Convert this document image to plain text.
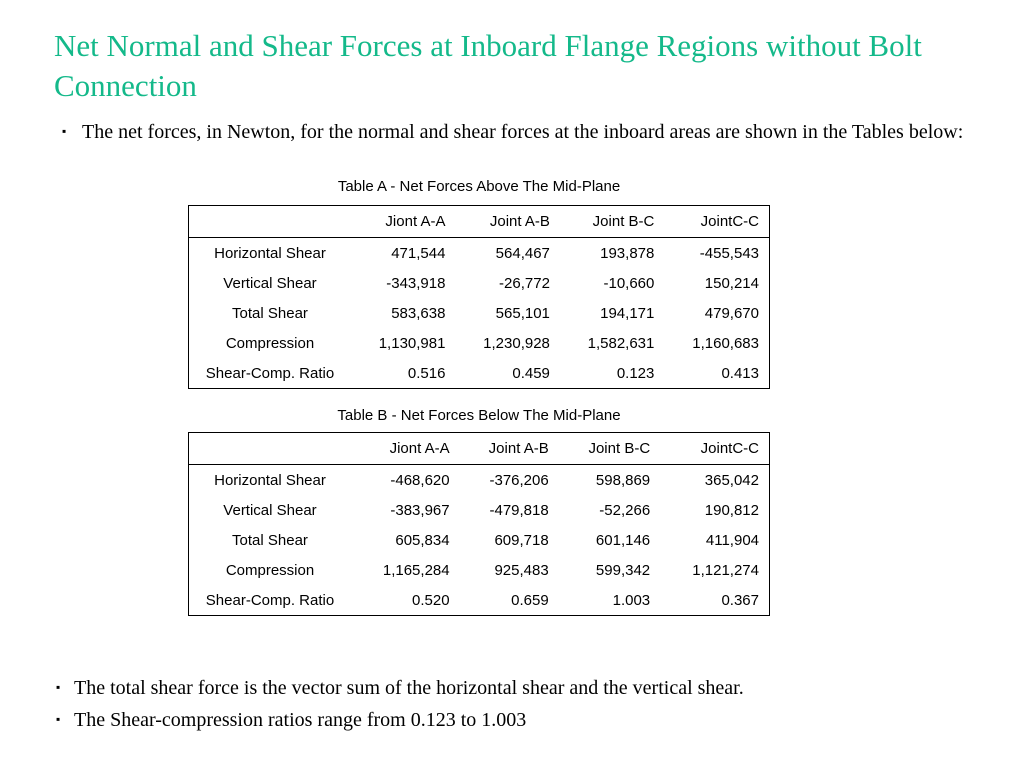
Net Normal and Shear Forces at Inboard Flange Regions without Bolt Connection
▪ The net forces, in Newton, for the normal and shear forces at the inboard areas are shown in the Tables below:
Table A - Net Forces Above The Mid-Plane
	Jiont A-A	Joint A-B	Joint B-C	JointC-C
Horizontal Shear	471,544	564,467	193,878	-455,543
Vertical Shear	-343,918	-26,772	-10,660	150,214
Total Shear	583,638	565,101	194,171	479,670
Compression	1,130,981	1,230,928	1,582,631	1,160,683
Shear-Comp. Ratio	0.516	0.459	0.123	0.413
Table B - Net Forces Below The Mid-Plane
	Jiont A-A	Joint A-B	Joint B-C	JointC-C
Horizontal Shear	-468,620	-376,206	598,869	365,042
Vertical Shear	-383,967	-479,818	-52,266	190,812
Total Shear	605,834	609,718	601,146	411,904
Compression	1,165,284	925,483	599,342	1,121,274
Shear-Comp. Ratio	0.520	0.659	1.003	0.367
▪ The total shear force is the vector sum of the horizontal shear and the vertical shear.
▪ The Shear-compression ratios range from 0.123 to 1.003
